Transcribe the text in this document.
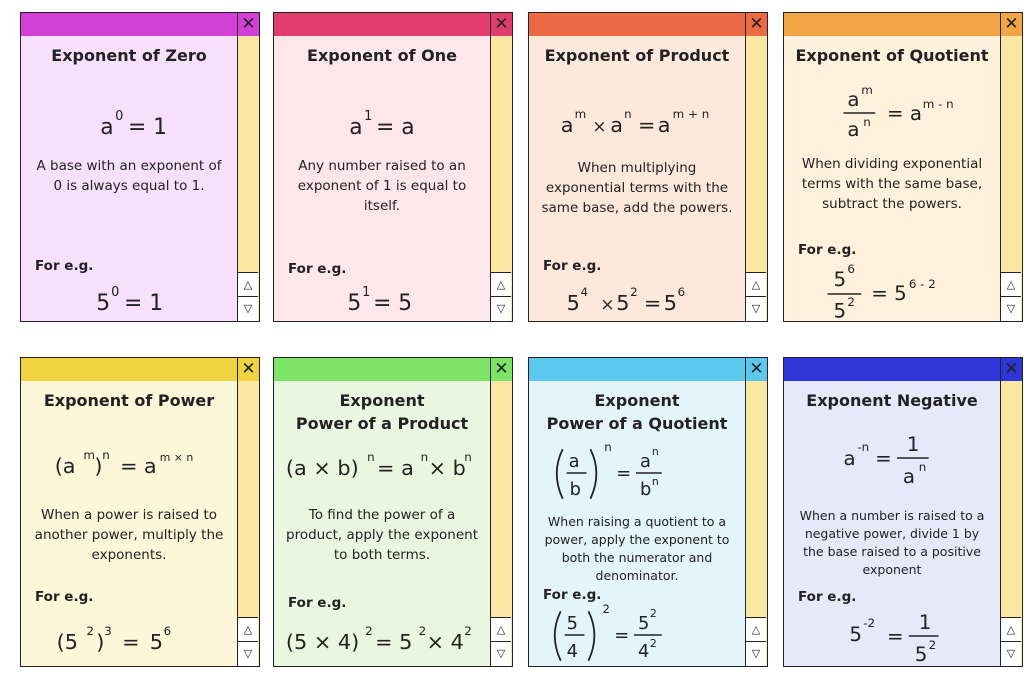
✕
Exponent of Zero
a 0 = 1
A base with an exponent of 0 is always equal to 1.
For e.g.
5 0 = 1
△
▽
✕
Exponent of One
a 1 = a
Any number raised to an exponent of 1 is equal to itself.
For e.g.
5 1 = 5
△
▽
✕
Exponent of Product
a m
× a n = a m + n
When multiplying exponential terms with the same base, add the powers.
For e.g.
5 4
× 5 2 = 5 6
△
▽
✕
Exponent of Quotient
a m
a n = a m - n
When dividing exponential terms with the same base, subtract the powers.
For e.g.
5 6
5 2 = 5 6 - 2	△
▽
✕
Exponent of Power
(a m ) n = a m × n
When a power is raised to another power, multiply the exponents.
For e.g.
(5 2 ) 3 = 5 6	△
▽
✕
Exponent
Power of a Product
(a × b) n = a n × b
n
To find the power of a product, apply the exponent to both terms.
For e.g.
(5 × 4) 2 = 5 2 × 4 2	△
▽
✕
Exponent
Power of a Quotient
a
b
n
=
a n
b n
When raising a quotient to a power, apply the exponent to both the numerator and denominator.
For e.g.
5
4
2
=
5 2
4 2
△
▽
✕
Exponent Negative
a -n =
1
a n
When a number is raised to a negative power, divide 1 by the base raised to a positive exponent
For e.g.
5 -2
=
1
5 2
△
▽
